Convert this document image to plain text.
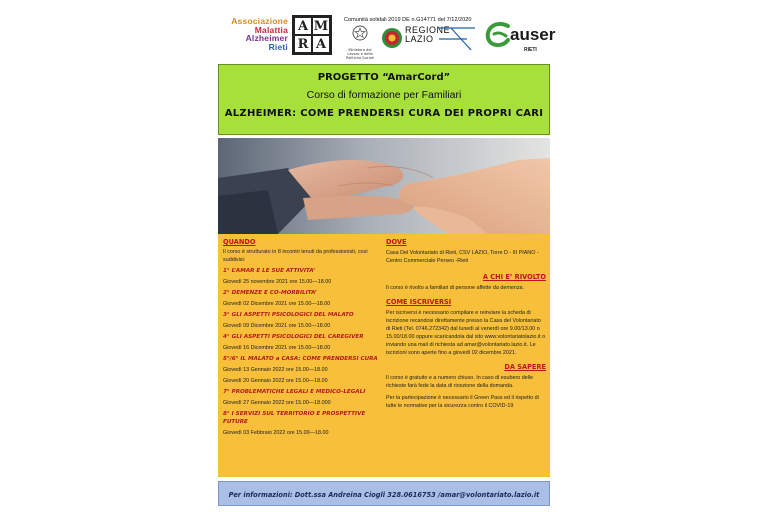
Associazione
Malattia
Alzheimer
Rieti
A M
R A
Comunità solidali 2019 DE n.G14771 del 7/12/2020
Ministero del Lavoro e delle Politiche Sociali
REGIONE
LAZIO	auser
RIETI
PROGETTO “AmarCord”
Corso di formazione per Familiari
ALZHEIMER: COME PRENDERSI CURA DEI PROPRI CARI
QUANDO
Il corso è strutturato in 8 incontri tenuti da professionisti, così suddivisi:
1° L’AMAR E LE SUE ATTIVITA’
Giovedì 25 novembre 2021 ore 15.00—18.00
2° DEMENZE E CO-MORBILITA’
Giovedì 02 Dicembre 2021 ore 15.00—18.00
3° GLI ASPETTI PSICOLOGICI DEL MALATO
Giovedì 09 Dicembre 2021 ore 15.00—18.00
4° GLI ASPETTI PSICOLOGICI DEL CAREGIVER
Giovedì 16 Dicembre 2021 ore 15.00—18.00
5°/6° IL MALATO a CASA: COME PRENDERSI CURA
Giovedì 13 Gennaio 2022 ore 15.00—18.00
Giovedì 20 Gennaio 2022 ore 15.00—18.00
7° PROBLEMATICHE LEGALI E MEDICO-LEGALI
Giovedì 27 Gennaio 2022 ore 15.00—18.000
8° I SERVIZI SUL TERRITORIO E PROSPETTIVE FUTURE
Giovedì 03 Febbraio 2022 ore 15.00—18.00
DOVE
Casa Del Volontariato di Rieti, CSV LAZIO, Torre D - III PIANO - Centro Commerciale Perseo -Rieti
A CHI E’ RIVOLTO
Il corso è rivolto a familiari di persone affette da demenza.
COME ISCRIVERSI
Per iscriversi è necessario compilare e reinviare la scheda di iscrizione recandosi direttamente presso la Casa del Volontariato di Rieti (Tel. 0746.272342) dal lunedì al venerdì ore 9.00/13.00 o 15.00/18.00 oppure scaricandola dal sito www.volontariatolazio.it o inviando una mail di richiesta ad amar@volontariato.lazio.it. Le iscrizioni sono aperte fino a giovedì 02 dicembre 2021.
DA SAPERE
Il corso è gratuito e a numero chiuso. In caso di esubero delle richieste farà fede la data di ricezione della domanda.
Per la partecipazione è necessario il Green Pass ed il rispetto di tutte le normative per la sicurezza contro il COVID-19
Per informazioni: Dott.ssa Andreina Ciogli 328.0616753 /amar@volontariato.lazio.it
